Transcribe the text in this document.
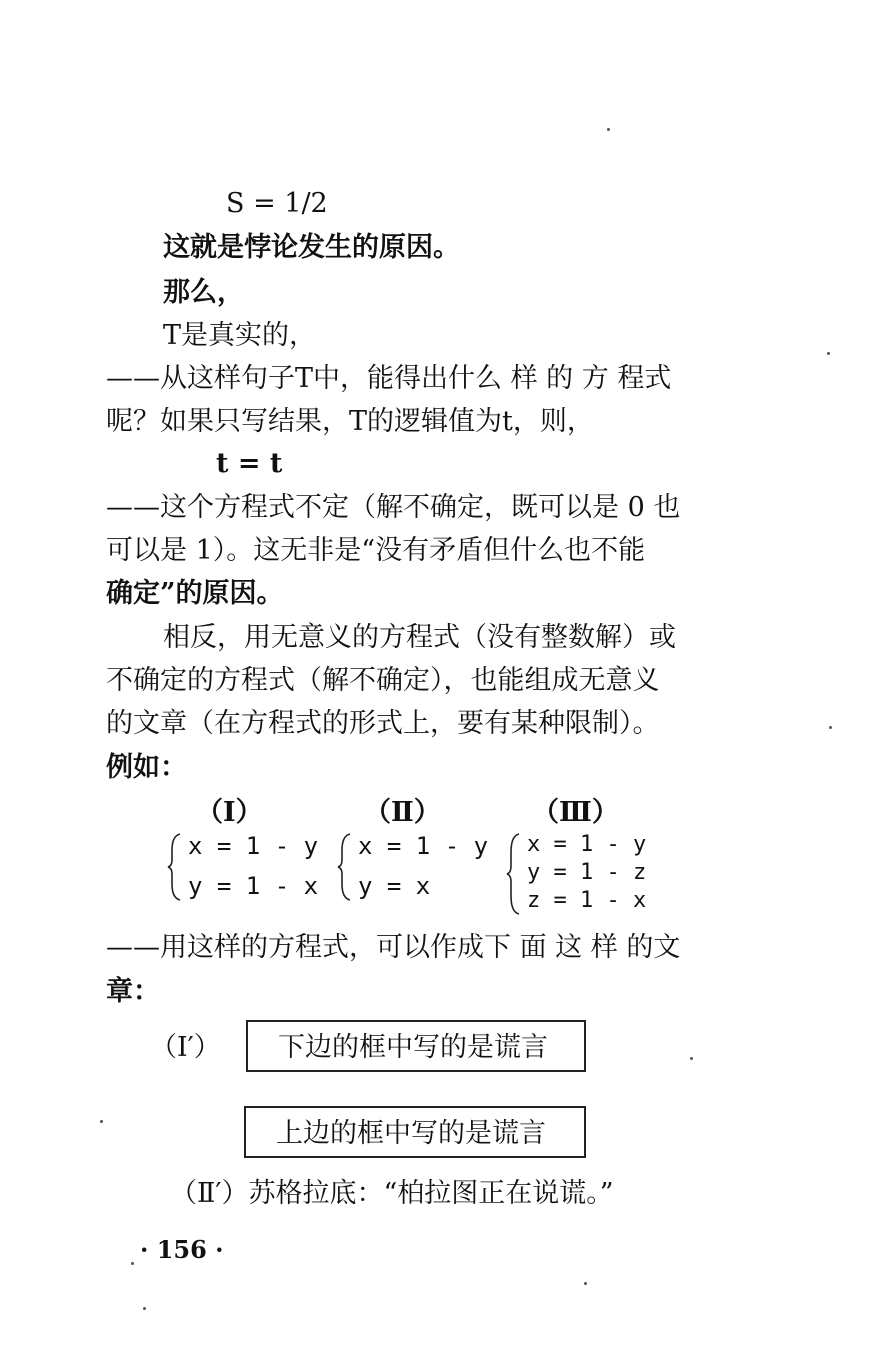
S = 1/2
这就是悖论发生的原因。
那么，
T是真实的，
——从这样句子T中，能得出什么 样 的 方 程式
呢？如果只写结果，T的逻辑值为t，则，
t = t
——这个方程式不定（解不确定，既可以是 0 也
可以是 1）。这无非是“没有矛盾但什么也不能
确定”的原因。
相反，用无意义的方程式（没有整数解）或
不确定的方程式（解不确定），也能组成无意义
的文章（在方程式的形式上，要有某种限制）。
例如：
（Ⅰ）	（Ⅱ）	（Ⅲ）
x = 1 - y
y = 1 - x
x = 1 - y
y = x
x = 1 - y
y = 1 - z
z = 1 - x
——用这样的方程式，可以作成下 面 这 样 的文
章：
（Ⅰ′）	下边的框中写的是谎言
上边的框中写的是谎言
（Ⅱ′）苏格拉底：“柏拉图正在说谎。”
· 156 ·
